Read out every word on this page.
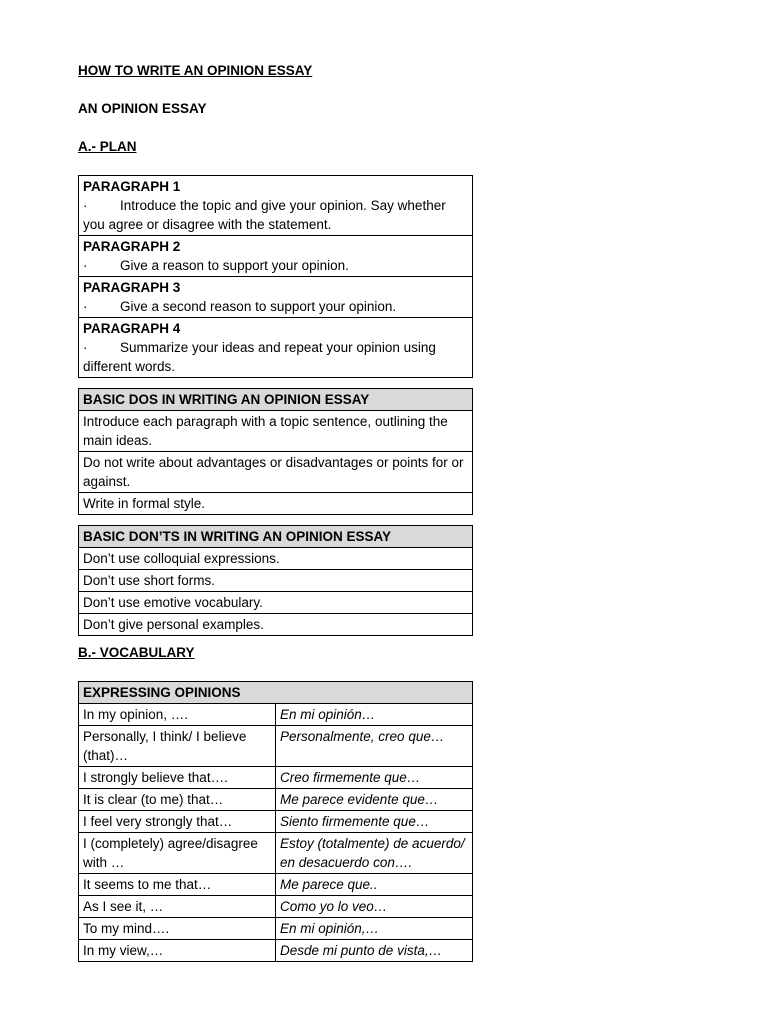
HOW TO WRITE AN OPINION ESSAY
AN OPINION ESSAY
A.- PLAN
PARAGRAPH 1
· Introduce the topic and give your opinion. Say whether you agree or disagree with the statement.

PARAGRAPH 2
· Give a reason to support your opinion.

PARAGRAPH 3
· Give a second reason to support your opinion.

PARAGRAPH 4
· Summarize your ideas and repeat your opinion using different words.
BASIC DOS IN WRITING AN OPINION ESSAY
Introduce each paragraph with a topic sentence, outlining the main ideas.
Do not write about advantages or disadvantages or points for or against.
Write in formal style.
BASIC DON’TS IN WRITING AN OPINION ESSAY
Don’t use colloquial expressions.
Don’t use short forms.
Don’t use emotive vocabulary.
Don’t give personal examples.
B.- VOCABULARY
EXPRESSING OPINIONS	
In my opinion, ….	En mi opinión…
Personally, I think/ I believe (that)…	Personalmente, creo que…
I strongly believe that….	Creo firmemente que…
It is clear (to me) that…	Me parece evidente que…
I feel very strongly that…	Siento firmemente que…
I (completely) agree/disagree with …	Estoy (totalmente) de acuerdo/ en desacuerdo con….
It seems to me that…	Me parece que..
As I see it, …	Como yo lo veo…
To my mind….	En mi opinión,…
In my view,…	Desde mi punto de vista,…
